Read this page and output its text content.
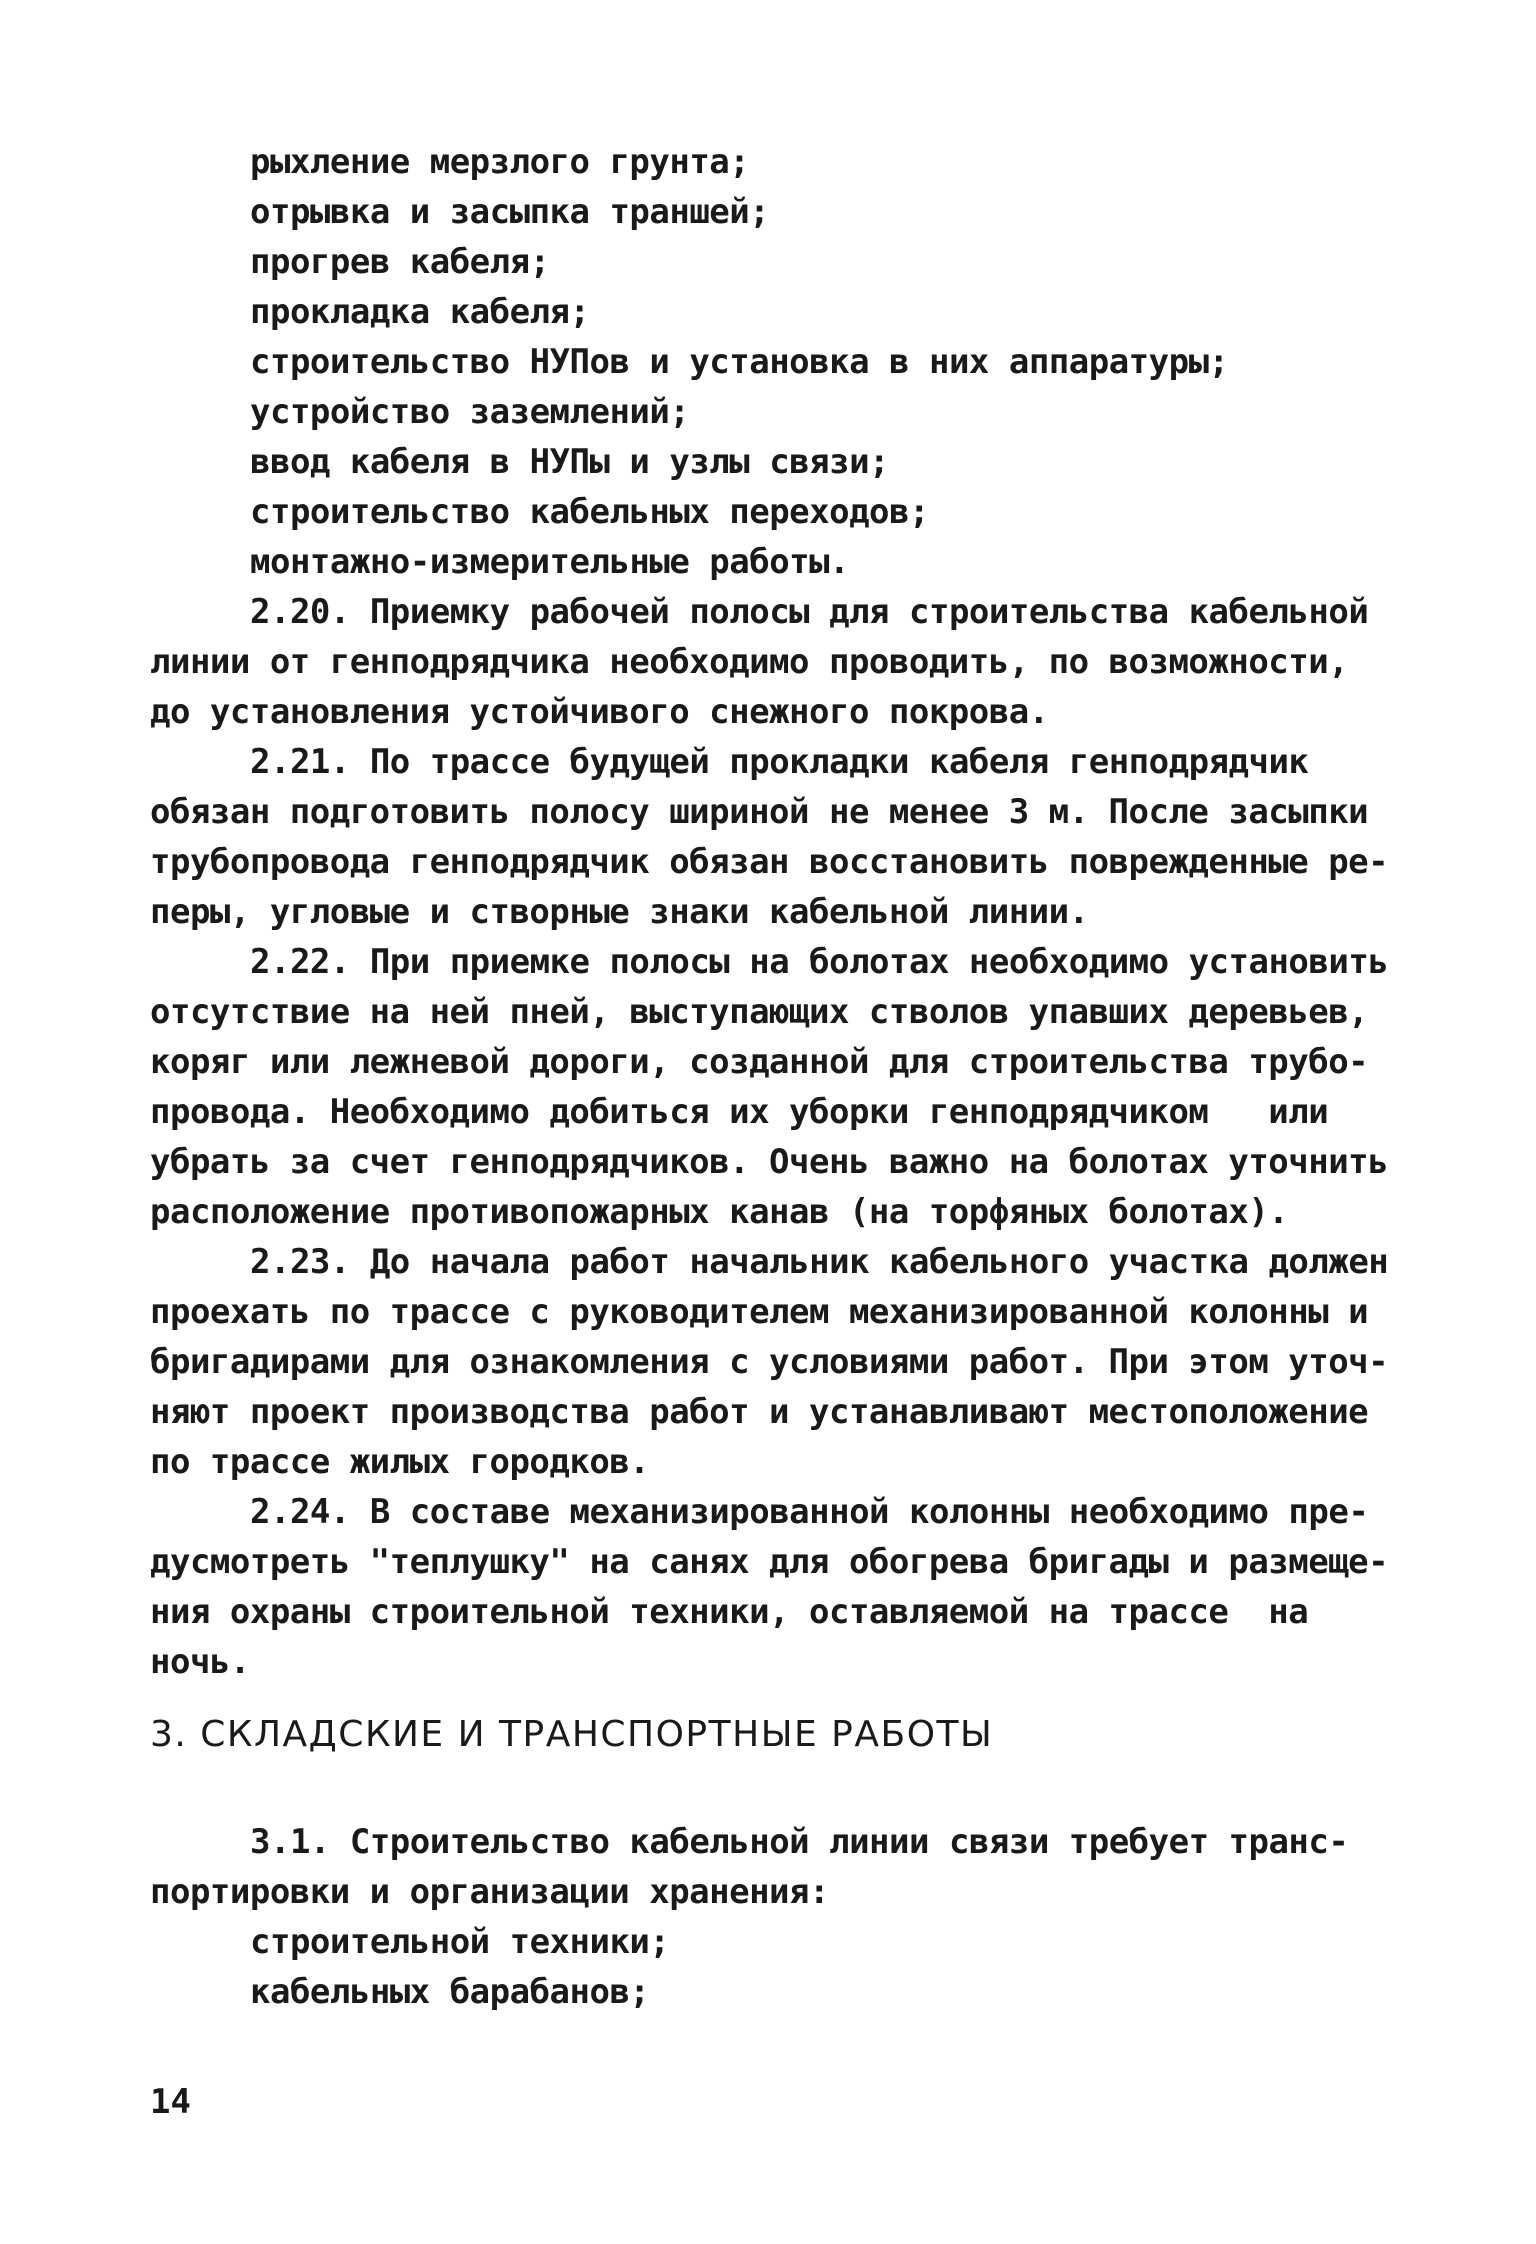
рыхление мерзлого грунта;
отрывка и засыпка траншей;
прогрев кабеля;
прокладка кабеля;
строительство НУПов и установка в них аппаратуры;
устройство заземлений;
ввод кабеля в НУПы и узлы связи;
строительство кабельных переходов;
монтажно-измерительные работы.
2.20. Приемку рабочей полосы для строительства кабельной
линии от генподрядчика необходимо проводить, по возможности,
до установления устойчивого снежного покрова.
2.21. По трассе будущей прокладки кабеля генподрядчик
обязан подготовить полосу шириной не менее 3 м. После засыпки
трубопровода генподрядчик обязан восстановить поврежденные ре-
перы, угловые и створные знаки кабельной линии.
2.22. При приемке полосы на болотах необходимо установить
отсутствие на ней пней, выступающих стволов упавших деревьев,
коряг или лежневой дороги, созданной для строительства трубо-
провода. Необходимо добиться их уборки генподрядчиком   или
убрать за счет генподрядчиков. Очень важно на болотах уточнить
расположение противопожарных канав (на торфяных болотах).
2.23. До начала работ начальник кабельного участка должен
проехать по трассе с руководителем механизированной колонны и
бригадирами для ознакомления с условиями работ. При этом уточ-
няют проект производства работ и устанавливают местоположение
по трассе жилых городков.
2.24. В составе механизированной колонны необходимо пре-
дусмотреть "теплушку" на санях для обогрева бригады и размеще-
ния охраны строительной техники, оставляемой на трассе  на
ночь.
3. СКЛАДСКИЕ И ТРАНСПОРТНЫЕ РАБОТЫ
3.1. Строительство кабельной линии связи требует транс-
портировки и организации хранения:
строительной техники;
кабельных барабанов;
14
